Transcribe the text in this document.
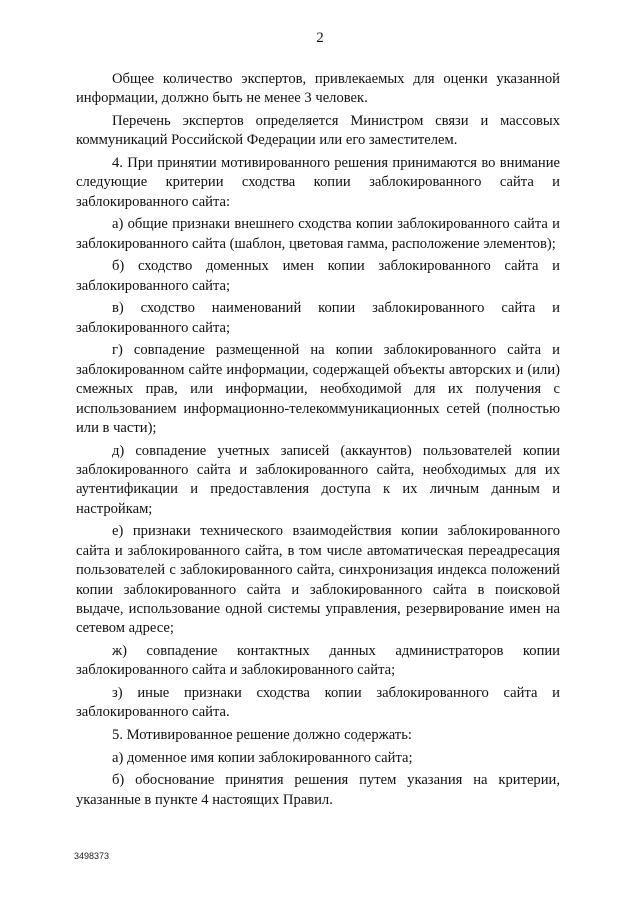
2

Общее количество экспертов, привлекаемых для оценки указанной информации, должно быть не менее 3 человек.

Перечень экспертов определяется Министром связи и массовых коммуникаций Российской Федерации или его заместителем.

4. При принятии мотивированного решения принимаются во внимание следующие критерии сходства копии заблокированного сайта и заблокированного сайта:

а) общие признаки внешнего сходства копии заблокированного сайта и заблокированного сайта (шаблон, цветовая гамма, расположение элементов);

б) сходство доменных имен копии заблокированного сайта и заблокированного сайта;

в) сходство наименований копии заблокированного сайта и заблокированного сайта;

г) совпадение размещенной на копии заблокированного сайта и заблокированном сайте информации, содержащей объекты авторских и (или) смежных прав, или информации, необходимой для их получения с использованием информационно-телекоммуникационных сетей (полностью или в части);

д) совпадение учетных записей (аккаунтов) пользователей копии заблокированного сайта и заблокированного сайта, необходимых для их аутентификации и предоставления доступа к их личным данным и настройкам;

е) признаки технического взаимодействия копии заблокированного сайта и заблокированного сайта, в том числе автоматическая переадресация пользователей с заблокированного сайта, синхронизация индекса положений копии заблокированного сайта и заблокированного сайта в поисковой выдаче, использование одной системы управления, резервирование имен на сетевом адресе;

ж) совпадение контактных данных администраторов копии заблокированного сайта и заблокированного сайта;

з) иные признаки сходства копии заблокированного сайта и заблокированного сайта.

5. Мотивированное решение должно содержать:

а) доменное имя копии заблокированного сайта;

б) обоснование принятия решения путем указания на критерии, указанные в пункте 4 настоящих Правил.

3498373
